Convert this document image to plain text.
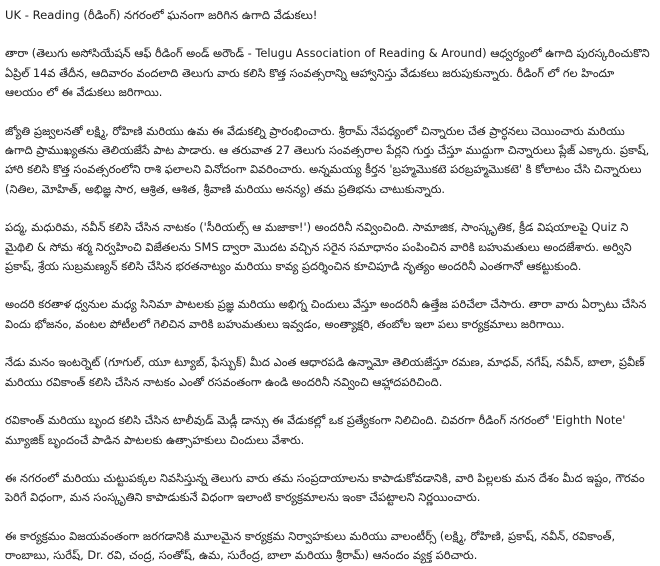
UK - Reading (రీడింగ్) నగరంలో ఘనంగా జరిగిన ఉగాది వేడుకలు!
తారా (తెలుగు అసోసియేషన్ ఆఫ్ రీడింగ్ అండ్ అరౌండ్ - Telugu Association of Reading & Around) ఆధ్వర్యంలో ఉగాది పురస్కరించుకొని ఏప్రిల్ 14వ తేదీన, ఆదివారం వందలాది తెలుగు వారు కలిసి కొత్త సంవత్సరాన్ని ఆహ్వానిస్తు వేడుకలు జరుపుకున్నారు. రీడింగ్ లో గల హిందూ ఆలయం లో ఈ వేడుకలు జరిగాయి.
జ్యోతి ప్రజ్వలనతో లక్ష్మి, రోహిణి మరియు ఉమ ఈ వేడుకల్ని ప్రారంభించారు. శ్రీరామ్ నేపధ్యంలో చిన్నారుల చేత ప్రార్ధనలు చెయించారు మరియు ఉగాది ప్రాముఖ్యతను తెలియజేసే పాట పాడారు. ఆ తరువాత 27 తెలుగు సంవత్సరాల పేర్లని గుర్తు చేస్తూ ముద్దుగా చిన్నారులు ప్లేజ్ ఎక్కారు. ప్రకాష్, హారి కలిసి కొత్త సంవత్సరంలోని రాశి ఫలాలని వినోదంగా వివరించారు. అన్నమయ్య కీర్తన 'బ్రహ్మమొకటె పరబ్రహ్మమొకటె' కి కోలాటం చేసి చిన్నారులు (నితిల, మోహిత్, అభిజ్ఞ సార, ఆశ్రిత, ఆశిత, శ్రీవాణి మరియు అనన్య) తమ ప్రతిభను చాటుకున్నారు.
పద్మ, మధురిమ, నవీన్ కలిసి చేసిన నాటకం ('సీరియల్స్ ఆ మజాకా!') అందరినీ నవ్వించింది. సామాజిక, సాంస్కృతిక, క్రీడ విషయాలపై Quiz ని మైథిలి & సోమ శర్మ నిర్వహించి విజేతలను SMS ద్వారా మొదట వచ్చిన సరైన సమాధానం పంపించిన వారికి బహుమతులు అందజేశారు. అర్విని ప్రకాష్, శ్రేయ సుబ్రమణ్యన్ కలిసి చేసిన భరతనాట్యం మరియు కావ్య ప్రదర్శించిన కూచిపూడి నృత్యం అందరినీ ఎంతగానో ఆకట్టుకుంది.
అందరి కరతాళ ధ్వనుల మధ్య సినిమా పాటలకు ప్రజ్ఞ మరియు అభిగ్న చిందులు వేస్తూ అందరినీ ఉత్తేజ పరిచేలా చేసారు. తారా వారు ఏర్పాటు చేసిన విందు భోజనం, వంటల పోటీలలో గెలిచిన వారికి బహుమతులు ఇవ్వడం, అంత్యాక్షరి, తంబోల ఇలా పలు కార్యక్రమాలు జరిగాయి.
నేడు మనం ఇంటర్నెట్ (గూగుల్, యూ ట్యూబ్, ఫేస్బుక్) మీద ఎంత ఆధారపడి ఉన్నామో తెలియజేస్తూ రమణ, మాధవ్, నగేష్, నవీన్, బాలా, ప్రవీణ్ మరియు రవికాంత్ కలిసి చేసిన నాటకం ఎంతో రసవంతంగా ఉండి అందరినీ నవ్వించి ఆహ్లాదపరిచింది.
రవికాంత్ మరియు బృంద కలిసి చేసిన టాలీవుడ్ మెడ్లీ డాన్సు ఈ వేడుకల్లో ఒక ప్రత్యేకంగా నిలిచింది. చివరగా రీడింగ్ నగరంలో 'Eighth Note' మ్యూజిక్ బృందంచే పాడిన పాటలకు ఉత్సాహకులు చిందులు వేశారు.
ఈ నగరంలో మరియు చుట్టుపక్కల నివసిస్తున్న తెలుగు వారు తమ సంప్రదాయాలను కాపాడుకోవడానికి, వారి పిల్లలకు మన దేశం మీద ఇష్టం, గౌరవం పెరిగే విధంగా, మన సంస్కృతిని కాపాడుకునే విధంగా ఇలాంటి కార్యక్రమాలను ఇంకా చేపట్టాలని నిర్ణయించారు.
ఈ కార్యక్రమం విజయవంతంగా జరగడానికి మూలమైన కార్యక్రమ నిర్వాహకులు మరియు వాలంటీర్స్ (లక్ష్మి, రోహిణి, ప్రకాష్, నవీన్, రవికాంత్, రాంబాబు, సురేష్, Dr. రవి, చంద్ర, సంతోష్, ఉమ, సురేంద్ర, బాలా మరియు శ్రీరామ్) ఆనందం వ్యక్త పరిచారు.
